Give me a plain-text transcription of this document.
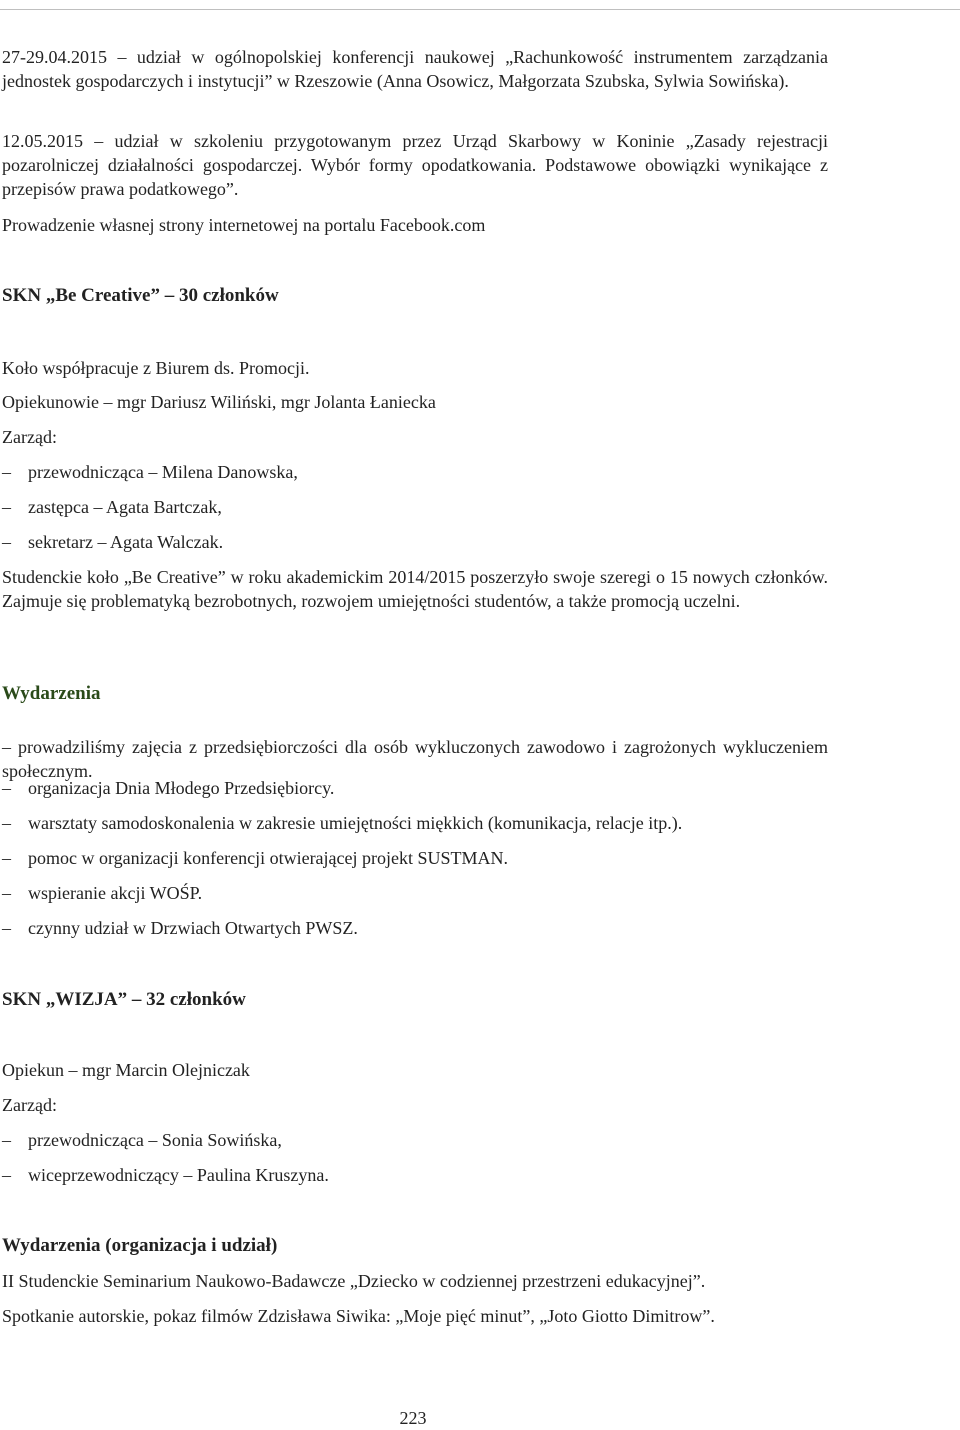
27-29.04.2015 – udział w ogólnopolskiej konferencji naukowej „Rachunkowość instrumentem zarządzania jednostek gospodarczych i instytucji” w Rzeszowie (Anna Osowicz, Małgorzata Szubska, Sylwia Sowińska).

12.05.2015 – udział w szkoleniu przygotowanym przez Urząd Skarbowy w Koninie „Zasady rejestracji pozarolniczej działalności gospodarczej. Wybór formy opodatkowania. Podstawowe obowiązki wynikające z przepisów prawa podatkowego”.

Prowadzenie własnej strony internetowej na portalu Facebook.com

SKN „Be Creative” – 30 członków
Koło współpracuje z Biurem ds. Promocji.
Opiekunowie – mgr Dariusz Wiliński, mgr Jolanta Łaniecka
Zarząd:
– przewodnicząca – Milena Danowska,
– zastępca – Agata Bartczak,
– sekretarz – Agata Walczak.

Studenckie koło „Be Creative” w roku akademickim 2014/2015 poszerzyło swoje szeregi o 15 nowych członków. Zajmuje się problematyką bezrobotnych, rozwojem umiejętności studentów, a także promocją uczelni.

Wydarzenia

– prowadziliśmy zajęcia z przedsiębiorczości dla osób wykluczonych zawodowo i zagrożonych wykluczeniem społecznym.

– organizacja Dnia Młodego Przedsiębiorcy.
– warsztaty samodoskonalenia w zakresie umiejętności miękkich (komunikacja, relacje itp.).
– pomoc w organizacji konferencji otwierającej projekt SUSTMAN.
– wspieranie akcji WOŚP.
– czynny udział w Drzwiach Otwartych PWSZ.
SKN „WIZJA” – 32 członków
Opiekun – mgr Marcin Olejniczak
Zarząd:
– przewodnicząca – Sonia Sowińska,
– wiceprzewodniczący – Paulina Kruszyna.
Wydarzenia (organizacja i udział)
II Studenckie Seminarium Naukowo-Badawcze „Dziecko w codziennej przestrzeni edukacyjnej”.
Spotkanie autorskie, pokaz filmów Zdzisława Siwika: „Moje pięć minut”, „Joto Giotto Dimitrow”.
223
